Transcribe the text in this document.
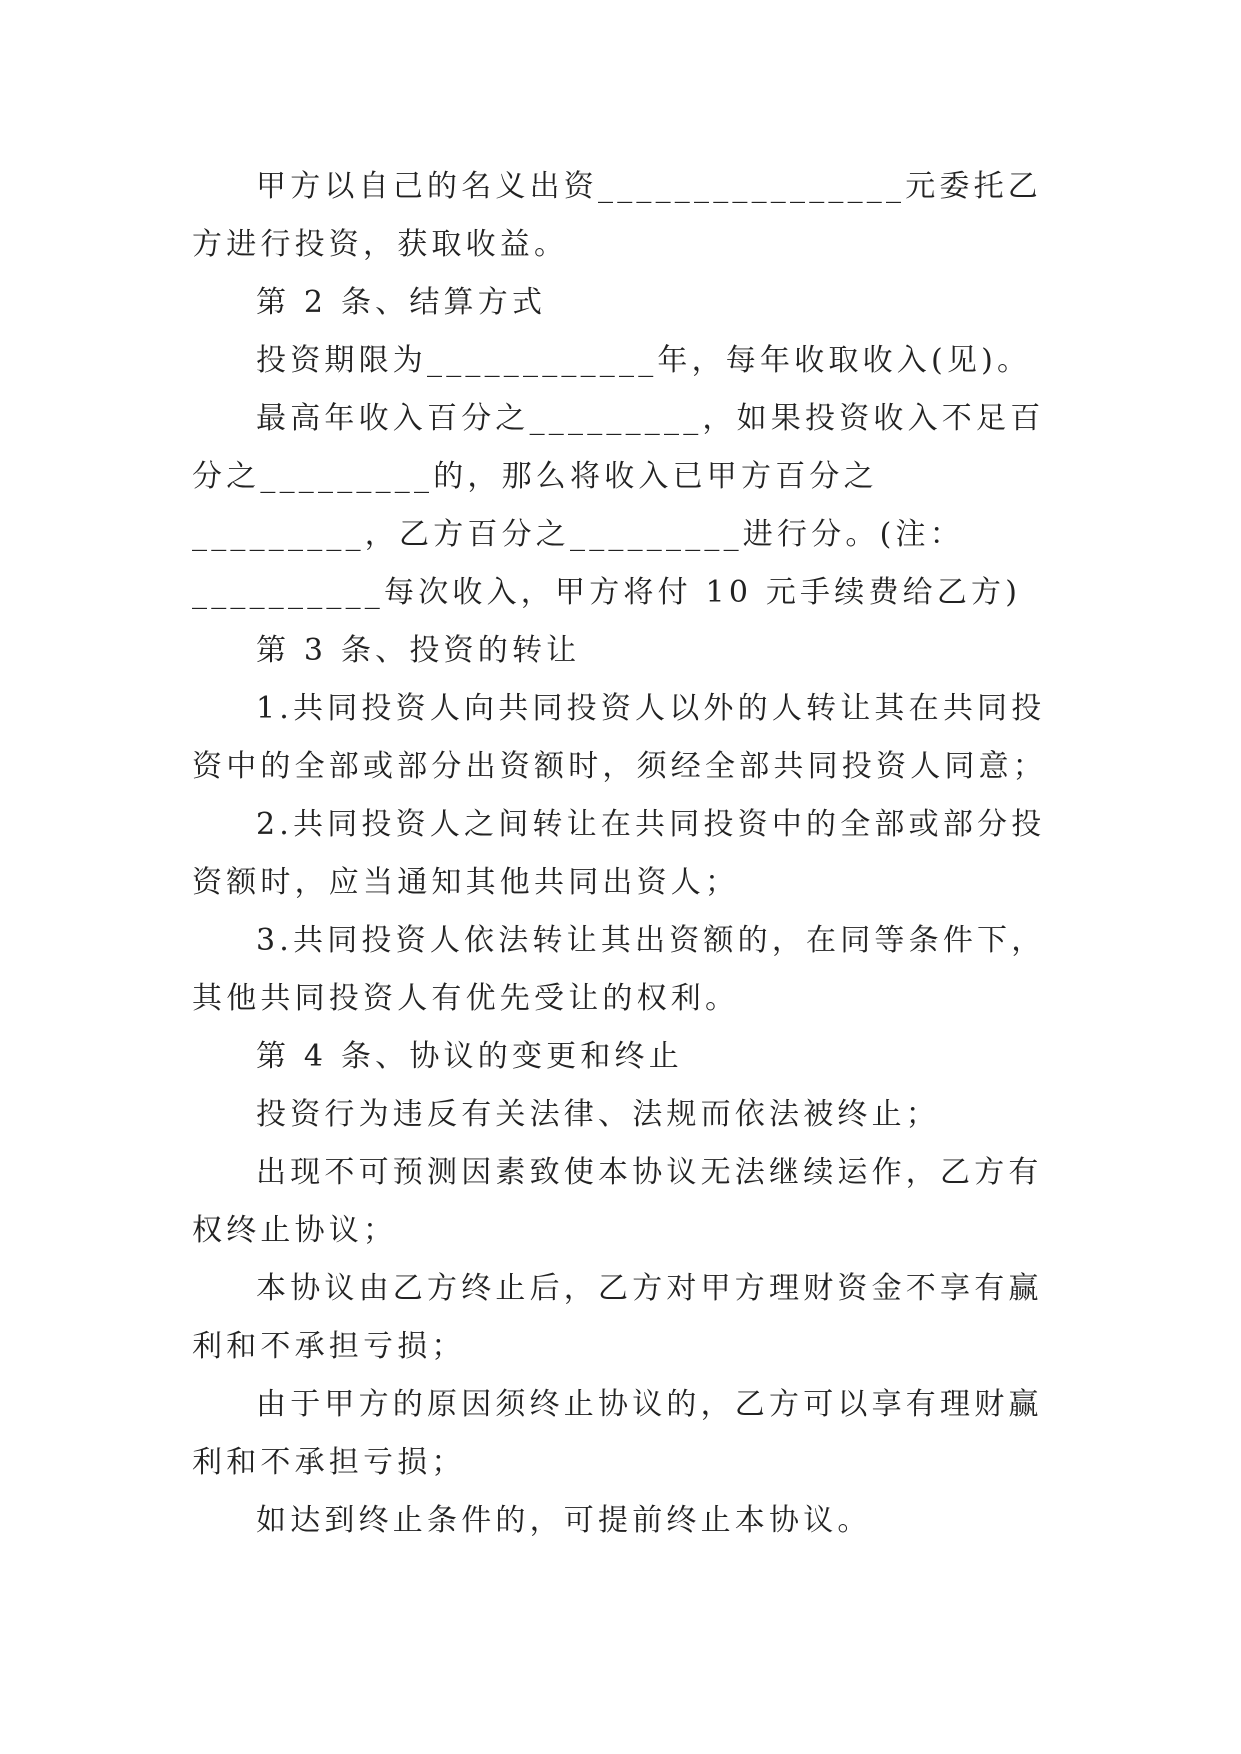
甲方以自己的名义出资________________元委托乙方进行投资，获取收益。

第 2 条、结算方式

投资期限为____________年，每年收取收入(见)。

最高年收入百分之_________，如果投资收入不足百分之_________的，那么将收入已甲方百分之_________，乙方百分之_________进行分。(注：__________每次收入，甲方将付 10 元手续费给乙方)

第 3 条、投资的转让

1.共同投资人向共同投资人以外的人转让其在共同投资中的全部或部分出资额时，须经全部共同投资人同意；

2.共同投资人之间转让在共同投资中的全部或部分投资额时，应当通知其他共同出资人；

3.共同投资人依法转让其出资额的，在同等条件下，其他共同投资人有优先受让的权利。

第 4 条、协议的变更和终止

投资行为违反有关法律、法规而依法被终止；

出现不可预测因素致使本协议无法继续运作，乙方有权终止协议；

本协议由乙方终止后，乙方对甲方理财资金不享有赢利和不承担亏损；

由于甲方的原因须终止协议的，乙方可以享有理财赢利和不承担亏损；

如达到终止条件的，可提前终止本协议。
